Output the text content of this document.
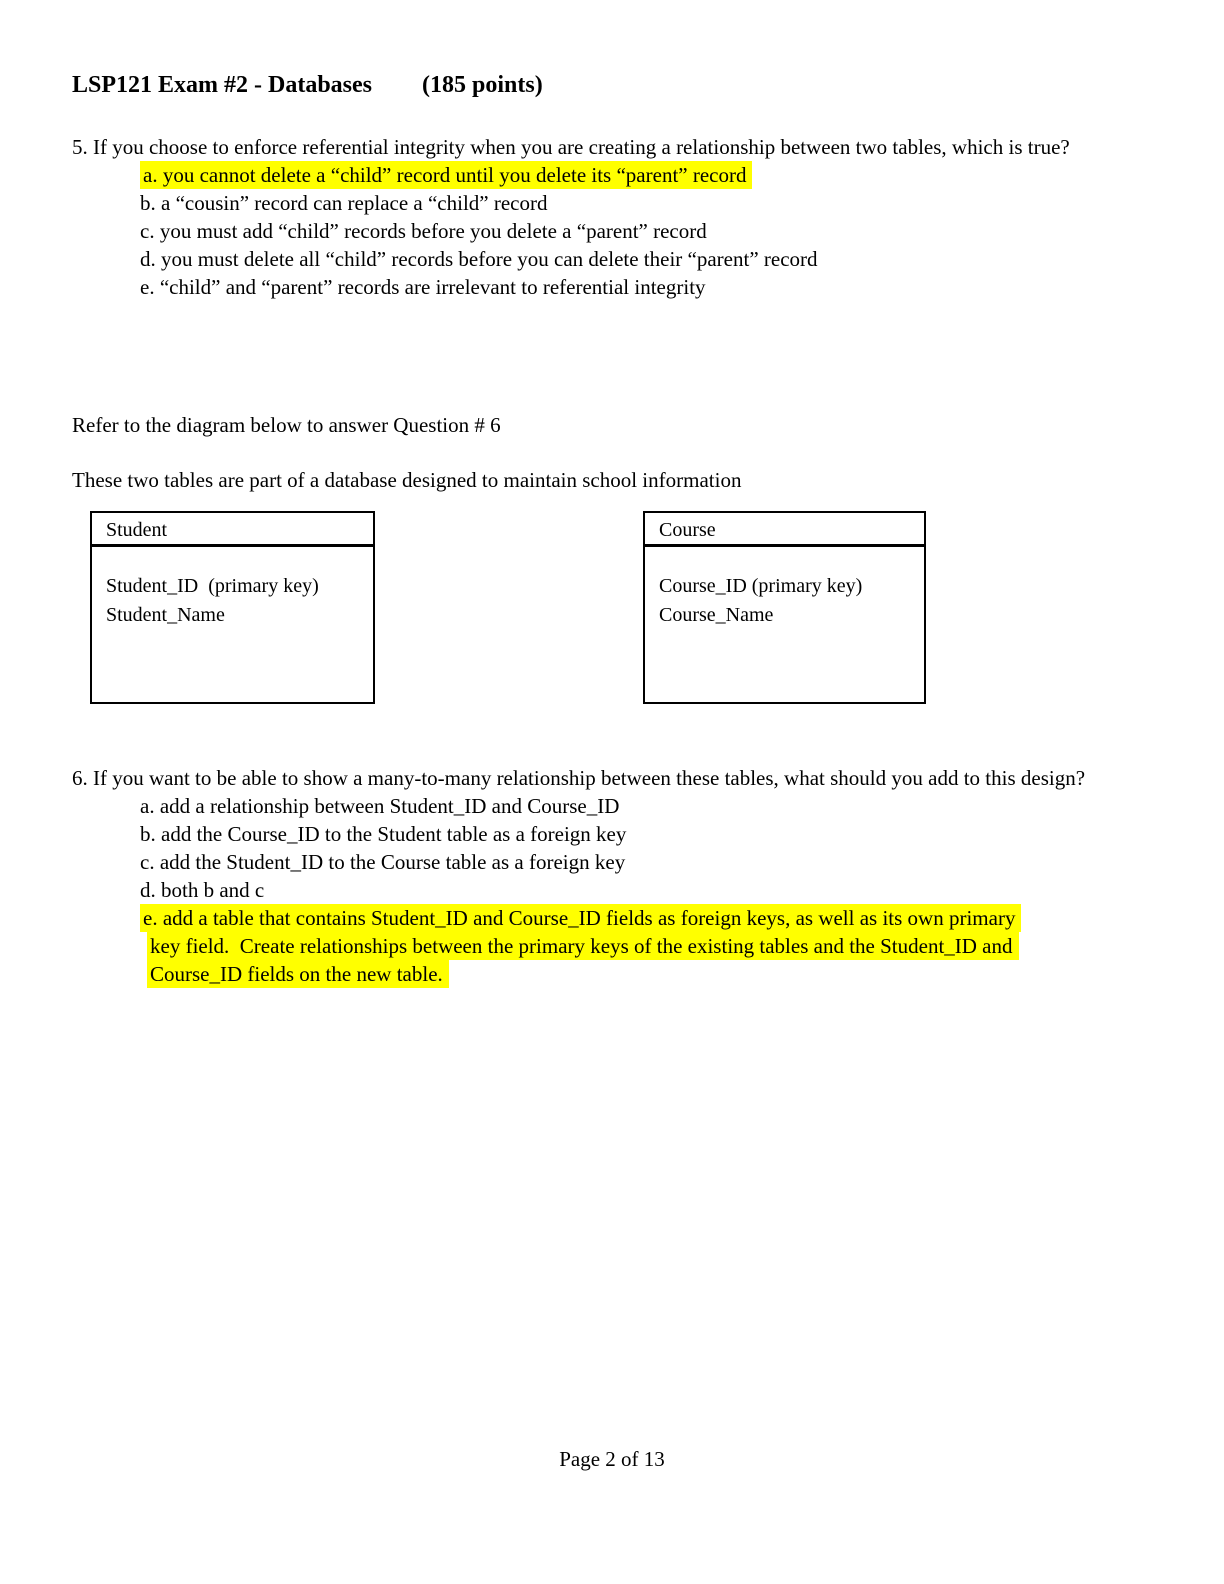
LSP121 Exam #2 - Databases (185 points)
5. If you choose to enforce referential integrity when you are creating a relationship between two tables, which is true?
a. you cannot delete a “child” record until you delete its “parent” record
b. a “cousin” record can replace a “child” record
c. you must add “child” records before you delete a “parent” record
d. you must delete all “child” records before you can delete their “parent” record
e. “child” and “parent” records are irrelevant to referential integrity
Refer to the diagram below to answer Question # 6
These two tables are part of a database designed to maintain school information
Student
Student_ID  (primary key)
Student_Name
Course
Course_ID (primary key)
Course_Name
6. If you want to be able to show a many-to-many relationship between these tables, what should you add to this design?
a. add a relationship between Student_ID and Course_ID
b. add the Course_ID to the Student table as a foreign key
c. add the Student_ID to the Course table as a foreign key
d. both b and c
e. add a table that contains Student_ID and Course_ID fields as foreign keys, as well as its own primary
key field.  Create relationships between the primary keys of the existing tables and the Student_ID and
Course_ID fields on the new table.
Page 2 of 13
